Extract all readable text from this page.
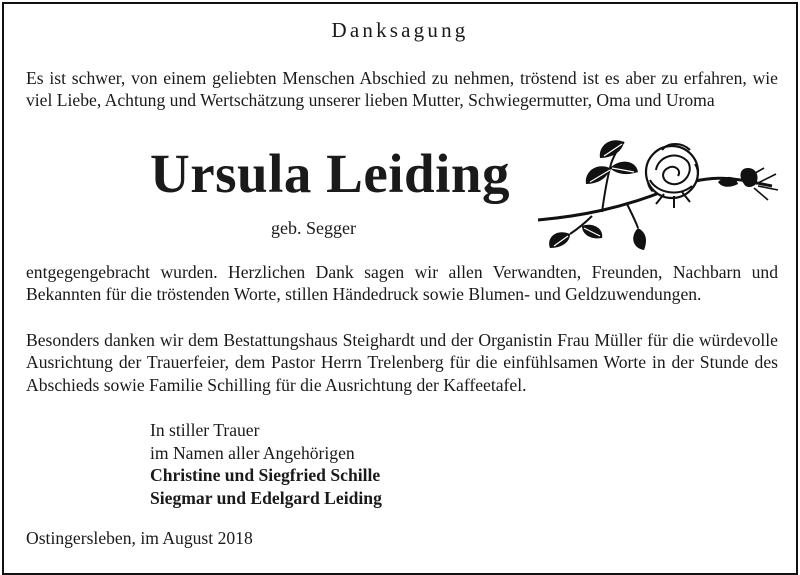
Danksagung
Es ist schwer, von einem geliebten Menschen Abschied zu nehmen, tröstend ist es aber zu erfahren, wie viel Liebe, Achtung und Wertschätzung unserer lieben Mutter, Schwiegermutter, Oma und Uroma
Ursula Leiding
geb. Segger
entgegengebracht wurden. Herzlichen Dank sagen wir allen Verwandten, Freunden, Nachbarn und Bekannten für die tröstenden Worte, stillen Händedruck sowie Blumen- und Geldzuwendungen.
Besonders danken wir dem Bestattungshaus Steighardt und der Organistin Frau Müller für die würdevolle Ausrichtung der Trauerfeier, dem Pastor Herrn Trelenberg für die einfühlsamen Worte in der Stunde des Abschieds sowie Familie Schilling für die Ausrichtung der Kaffeetafel.
In stiller Trauer
im Namen aller Angehörigen
Christine und Siegfried Schille
Siegmar und Edelgard Leiding
Ostingersleben, im August 2018
